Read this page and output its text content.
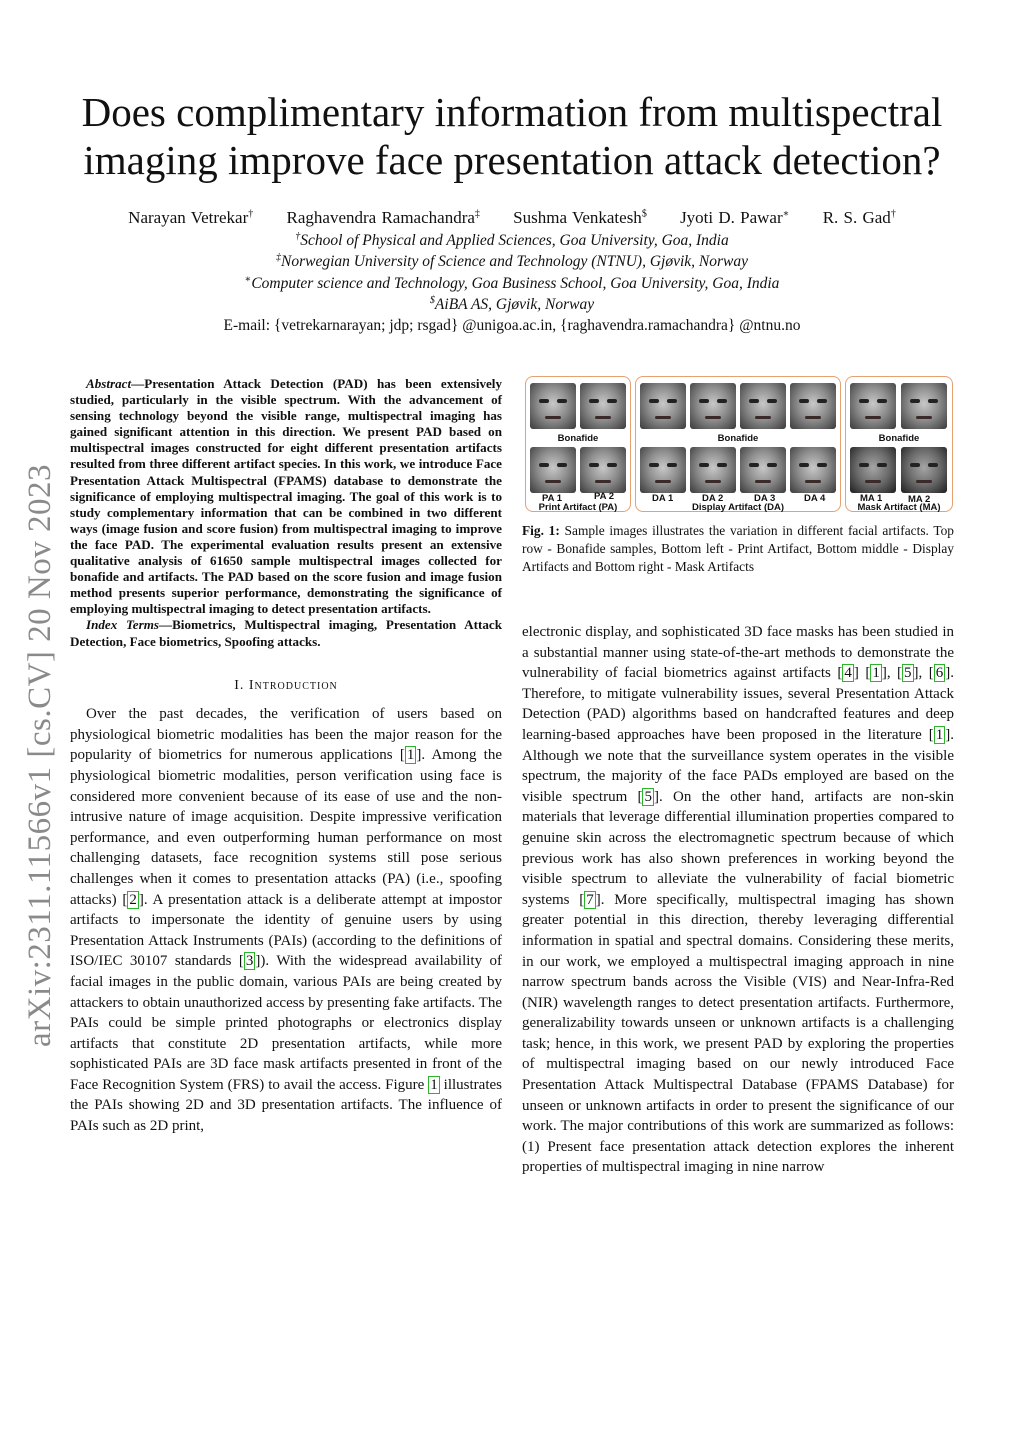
arXiv:2311.11566v1 [cs.CV] 20 Nov 2023
Does complimentary information from multispectral imaging improve face presentation attack detection?
Narayan Vetrekar† Raghavendra Ramachandra‡ Sushma Venkatesh$ Jyoti D. Pawar∗ R. S. Gad†
†School of Physical and Applied Sciences, Goa University, Goa, India
‡Norwegian University of Science and Technology (NTNU), Gjøvik, Norway
∗Computer science and Technology, Goa Business School, Goa University, Goa, India
$AiBA AS, Gjøvik, Norway
E-mail: {vetrekarnarayan; jdp; rsgad} @unigoa.ac.in, {raghavendra.ramachandra} @ntnu.no

Abstract—Presentation Attack Detection (PAD) has been extensively studied, particularly in the visible spectrum. With the advancement of sensing technology beyond the visible range, multispectral imaging has gained significant attention in this direction. We present PAD based on multispectral images constructed for eight different presentation artifacts resulted from three different artifact species. In this work, we introduce Face Presentation Attack Multispectral (FPAMS) database to demonstrate the significance of employing multispectral imaging. The goal of this work is to study complementary information that can be combined in two different ways (image fusion and score fusion) from multispectral imaging to improve the face PAD. The experimental evaluation results present an extensive qualitative analysis of 61650 sample multispectral images collected for bonafide and artifacts. The PAD based on the score fusion and image fusion method presents superior performance, demonstrating the significance of employing multispectral imaging to detect presentation artifacts.

Index Terms—Biometrics, Multispectral imaging, Presentation Attack Detection, Face biometrics, Spoofing attacks.

I. Introduction

Over the past decades, the verification of users based on physiological biometric modalities has been the major reason for the popularity of biometrics for numerous applications [ 1 ]. Among the physiological biometric modalities, person verification using face is considered more convenient because of its ease of use and the non-intrusive nature of image acquisition. Despite impressive verification performance, and even outperforming human performance on most challenging datasets, face recognition systems still pose serious challenges when it comes to presentation attacks (PA) (i.e., spoofing attacks) [ 2 ]. A presentation attack is a deliberate attempt at impostor artifacts to impersonate the identity of genuine users by using Presentation Attack Instruments (PAIs) (according to the definitions of ISO/IEC 30107 standards [ 3 ]). With the widespread availability of facial images in the public domain, various PAIs are being created by attackers to obtain unauthorized access by presenting fake artifacts. The PAIs could be simple printed photographs or electronics display artifacts that constitute 2D presentation artifacts, while more sophisticated PAIs are 3D face mask artifacts presented in front of the Face Recognition System (FRS) to avail the access. Figure 1 illustrates the PAIs showing 2D and 3D presentation artifacts. The influence of PAIs such as 2D print,

Bonafide
PA 1	PA 2
Print Artifact (PA)
Bonafide
DA 1	DA 2	DA 3	DA 4
Display Artifact (DA)
Bonafide
MA 1	MA 2
Mask Artifact (MA)
Fig. 1: Sample images illustrates the variation in different facial artifacts. Top row - Bonafide samples, Bottom left - Print Artifact, Bottom middle - Display Artifacts and Bottom right - Mask Artifacts

electronic display, and sophisticated 3D face masks has been studied in a substantial manner using state-of-the-art methods to demonstrate the vulnerability of facial biometrics against artifacts [ 4 ] [ 1 ], [ 5 ], [ 6 ]. Therefore, to mitigate vulnerability issues, several Presentation Attack Detection (PAD) algorithms based on handcrafted features and deep learning-based approaches have been proposed in the literature [ 1 ]. Although we note that the surveillance system operates in the visible spectrum, the majority of the face PADs employed are based on the visible spectrum [ 5 ]. On the other hand, artifacts are non-skin materials that leverage differential illumination properties compared to genuine skin across the electromagnetic spectrum because of which previous work has also shown preferences in working beyond the visible spectrum to alleviate the vulnerability of facial biometric systems [ 7 ]. More specifically, multispectral imaging has shown greater potential in this direction, thereby leveraging differential information in spatial and spectral domains. Considering these merits, in our work, we employed a multispectral imaging approach in nine narrow spectrum bands across the Visible (VIS) and Near-Infra-Red (NIR) wavelength ranges to detect presentation artifacts. Furthermore, generalizability towards unseen or unknown artifacts is a challenging task; hence, in this work, we present PAD by exploring the properties of multispectral imaging based on our newly introduced Face Presentation Attack Multispectral Database (FPAMS Database) for unseen or unknown artifacts in order to present the significance of our work. The major contributions of this work are summarized as follows: (1) Present face presentation attack detection explores the inherent properties of multispectral imaging in nine narrow
